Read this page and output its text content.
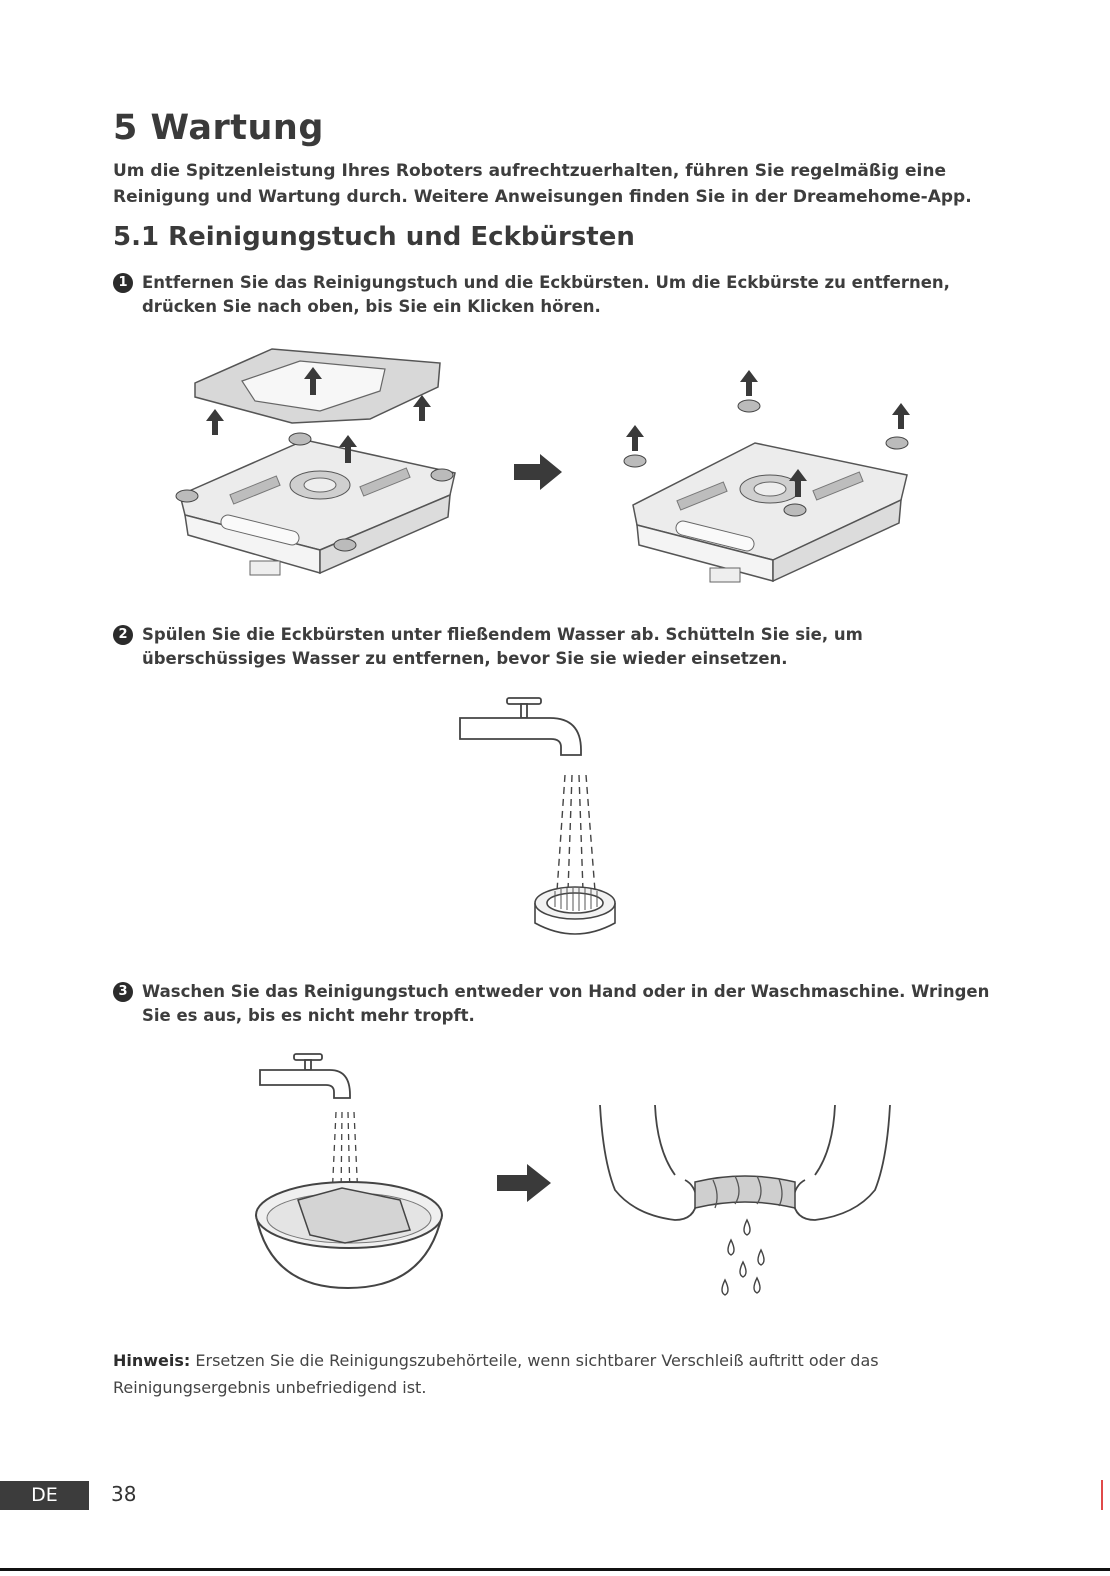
5 Wartung
Um die Spitzenleistung Ihres Roboters aufrechtzuerhalten, führen Sie regelmäßig eine Reinigung und Wartung durch. Weitere Anweisungen finden Sie in der Dreamehome-App.
5.1 Reinigungstuch und Eckbürsten
1 Entfernen Sie das Reinigungstuch und die Eckbürsten. Um die Eckbürste zu entfernen, drücken Sie nach oben, bis Sie ein Klicken hören.
2 Spülen Sie die Eckbürsten unter fließendem Wasser ab. Schütteln Sie sie, um überschüssiges Wasser zu entfernen, bevor Sie sie wieder einsetzen.
3 Waschen Sie das Reinigungstuch entweder von Hand oder in der Waschmaschine. Wringen Sie es aus, bis es nicht mehr tropft.
Hinweis: Ersetzen Sie die Reinigungszubehörteile, wenn sichtbarer Verschleiß auftritt oder das Reinigungsergebnis unbefriedigend ist.
DE	38
